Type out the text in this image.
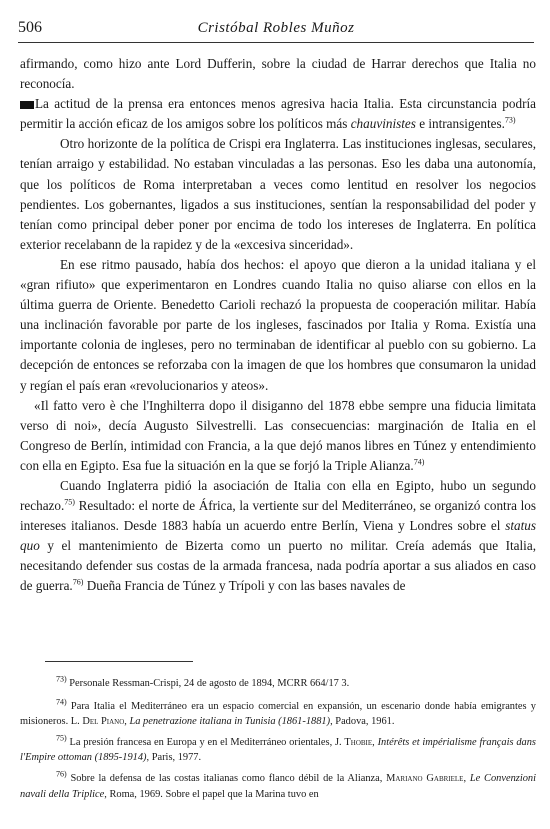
506	Cristóbal Robles Muñoz

afirmando, como hizo ante Lord Dufferin, sobre la ciudad de Harrar derechos que Italia no reconocía.

La actitud de la prensa era entonces menos agresiva hacia Italia. Esta circunstancia podría permitir la acción eficaz de los amigos sobre los políticos más chauvinistes e intransigentes.$^{73)}$

Otro horizonte de la política de Crispi era Inglaterra. Las instituciones inglesas, seculares, tenían arraigo y estabilidad. No estaban vinculadas a las personas. Eso les daba una autonomía, que los políticos de Roma interpretaban a veces como lentitud en resolver los negocios pendientes. Los gobernantes, ligados a sus instituciones, sentían la responsabilidad del poder y tenían como principal deber poner por encima de todo los intereses de Inglaterra. En política exterior recelabann de la rapidez y de la «excesiva sinceridad».

En ese ritmo pausado, había dos hechos: el apoyo que dieron a la unidad italiana y el «gran rifiuto» que experimentaron en Londres cuando Italia no quiso aliarse con ellos en la última guerra de Oriente. Benedetto Carioli rechazó la propuesta de cooperación militar. Había una inclinación favorable por parte de los ingleses, fascinados por Italia y Roma. Existía una importante colonia de ingleses, pero no terminaban de identificar al pueblo con su gobierno. La decepción de entonces se reforzaba con la imagen de que los hombres que consumaron la unidad y regían el país eran «revolucionarios y ateos».

«Il fatto vero è che l'Inghilterra dopo il disiganno del 1878 ebbe sempre una fiducia limitata verso di noi», decía Augusto Silvestrelli. Las consecuencias: marginación de Italia en el Congreso de Berlín, intimidad con Francia, a la que dejó manos libres en Túnez y entendimiento con ella en Egipto. Esa fue la situación en la que se forjó la Triple Alianza.$^{74)}$

Cuando Inglaterra pidió la asociación de Italia con ella en Egipto, hubo un segundo rechazo.$^{75)}$ Resultado: el norte de África, la vertiente sur del Mediterráneo, se organizó contra los intereses italianos. Desde 1883 había un acuerdo entre Berlín, Viena y Londres sobre el status quo y el mantenimiento de Bizerta como un puerto no militar. Creía además que Italia, necesitando defender sus costas de la armada francesa, nada podría aportar a sus aliados en caso de guerra.$^{76)}$ Dueña Francia de Túnez y Trípoli y con las bases navales de

$^{73)}$ Personale Ressman-Crispi, 24 de agosto de 1894, MCRR 664/17 3.

$^{74)}$ Para Italia el Mediterráneo era un espacio comercial en expansión, un escenario donde había emigrantes y misioneros. L. Del Piano, La penetrazione italiana in Tunisia (1861-1881), Padova, 1961.

$^{75)}$ La presión francesa en Europa y en el Mediterráneo orientales, J. Thobie, Intérêts et impérialisme français dans l'Empire ottoman (1895-1914), Paris, 1977.

$^{76)}$ Sobre la defensa de las costas italianas como flanco débil de la Alianza, Mariano Gabriele, Le Convenzioni navali della Triplice, Roma, 1969. Sobre el papel que la Marina tuvo en
